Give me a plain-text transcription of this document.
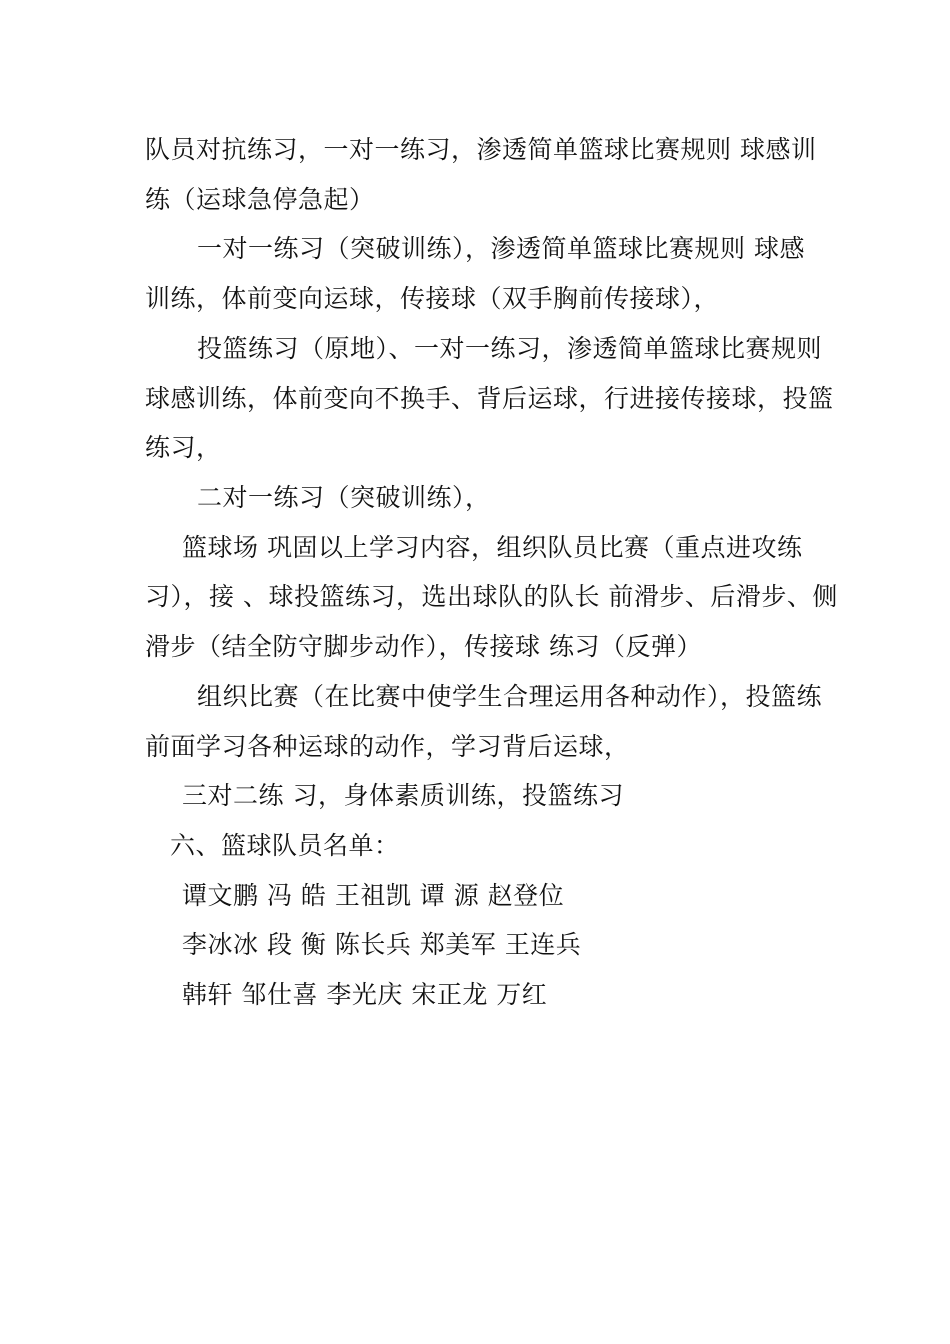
队员对抗练习，一对一练习，渗透简单篮球比赛规则 球感训
练（运球急停急起）
一对一练习（突破训练），渗透简单篮球比赛规则 球感
训练，体前变向运球，传接球（双手胸前传接球），
投篮练习（原地）、一对一练习，渗透简单篮球比赛规则
球感训练，体前变向不换手、背后运球，行进接传接球，投篮
练习，
二对一练习（突破训练），
篮球场 巩固以上学习内容，组织队员比赛（重点进攻练
习），接 、球投篮练习，选出球队的队长 前滑步、后滑步、侧
滑步（结全防守脚步动作），传接球 练习（反弹）
组织比赛（在比赛中使学生合理运用各种动作），投篮练
前面学习各种运球的动作，学习背后运球，
三对二练 习，身体素质训练，投篮练习
六、篮球队员名单：
谭文鹏 冯 皓 王祖凯 谭 源 赵登位
李冰冰 段 衡 陈长兵 郑美军 王连兵
韩轩 邹仕喜 李光庆 宋正龙 万红
